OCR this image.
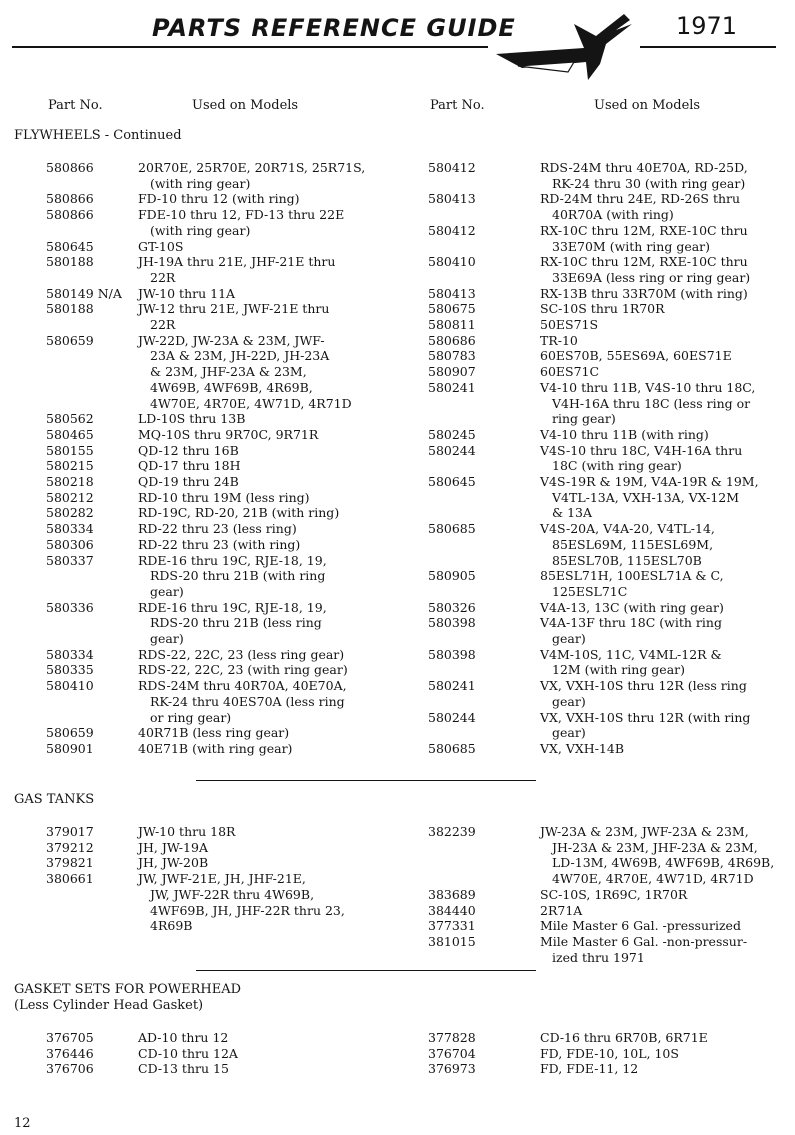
PARTS REFERENCE GUIDE	1971
Part No.	Used on Models	Part No.	Used on Models
FLYWHEELS - Continued
580866	20R70E, 25R70E, 20R71S, 25R71S,
(with ring gear)
580866	FD-10 thru 12 (with ring)
580866	FDE-10 thru 12, FD-13 thru 22E
(with ring gear)
580645	GT-10S
580188	JH-19A thru 21E, JHF-21E thru
22R
580149 N/A	JW-10 thru 11A
580188	JW-12 thru 21E, JWF-21E thru
22R
580659	JW-22D, JW-23A & 23M, JWF-
23A & 23M, JH-22D, JH-23A
& 23M, JHF-23A & 23M,
4W69B, 4WF69B, 4R69B,
4W70E, 4R70E, 4W71D, 4R71D
580562	LD-10S thru 13B
580465	MQ-10S thru 9R70C, 9R71R
580155	QD-12 thru 16B
580215	QD-17 thru 18H
580218	QD-19 thru 24B
580212	RD-10 thru 19M (less ring)
580282	RD-19C, RD-20, 21B (with ring)
580334	RD-22 thru 23 (less ring)
580306	RD-22 thru 23 (with ring)
580337	RDE-16 thru 19C, RJE-18, 19,
RDS-20 thru 21B (with ring
gear)
580336	RDE-16 thru 19C, RJE-18, 19,
RDS-20 thru 21B (less ring
gear)
580334	RDS-22, 22C, 23 (less ring gear)
580335	RDS-22, 22C, 23 (with ring gear)
580410	RDS-24M thru 40R70A, 40E70A,
RK-24 thru 40ES70A (less ring
or ring gear)
580659	40R71B (less ring gear)
580901	40E71B (with ring gear)
580412	RDS-24M thru 40E70A, RD-25D,
RK-24 thru 30 (with ring gear)
580413	RD-24M thru 24E, RD-26S thru
40R70A (with ring)
580412	RX-10C thru 12M, RXE-10C thru
33E70M (with ring gear)
580410	RX-10C thru 12M, RXE-10C thru
33E69A (less ring or ring gear)
580413	RX-13B thru 33R70M (with ring)
580675	SC-10S thru 1R70R
580811	50ES71S
580686	TR-10
580783	60ES70B, 55ES69A, 60ES71E
580907	60ES71C
580241	V4-10 thru 11B, V4S-10 thru 18C,
V4H-16A thru 18C (less ring or
ring gear)
580245	V4-10 thru 11B (with ring)
580244	V4S-10 thru 18C, V4H-16A thru
18C (with ring gear)
580645	V4S-19R & 19M, V4A-19R & 19M,
V4TL-13A, VXH-13A, VX-12M
& 13A
580685	V4S-20A, V4A-20, V4TL-14,
85ESL69M, 115ESL69M,
85ESL70B, 115ESL70B
580905	85ESL71H, 100ESL71A & C,
125ESL71C
580326	V4A-13, 13C (with ring gear)
580398	V4A-13F thru 18C (with ring
gear)
580398	V4M-10S, 11C, V4ML-12R &
12M (with ring gear)
580241	VX, VXH-10S thru 12R (less ring
gear)
580244	VX, VXH-10S thru 12R (with ring
gear)
580685	VX, VXH-14B
GAS TANKS
379017	JW-10 thru 18R
379212	JH, JW-19A
379821	JH, JW-20B
380661	JW, JWF-21E, JH, JHF-21E,
JW, JWF-22R thru 4W69B,
4WF69B, JH, JHF-22R thru 23,
4R69B
382239	JW-23A & 23M, JWF-23A & 23M,
JH-23A & 23M, JHF-23A & 23M,
LD-13M, 4W69B, 4WF69B, 4R69B,
4W70E, 4R70E, 4W71D, 4R71D
383689	SC-10S, 1R69C, 1R70R
384440	2R71A
377331	Mile Master 6 Gal. -pressurized
381015	Mile Master 6 Gal. -non-pressur-
ized thru 1971
GASKET SETS FOR POWERHEAD
(Less Cylinder Head Gasket)
376705	AD-10 thru 12
376446	CD-10 thru 12A
376706	CD-13 thru 15
377828	CD-16 thru 6R70B, 6R71E
376704	FD, FDE-10, 10L, 10S
376973	FD, FDE-11, 12
12
